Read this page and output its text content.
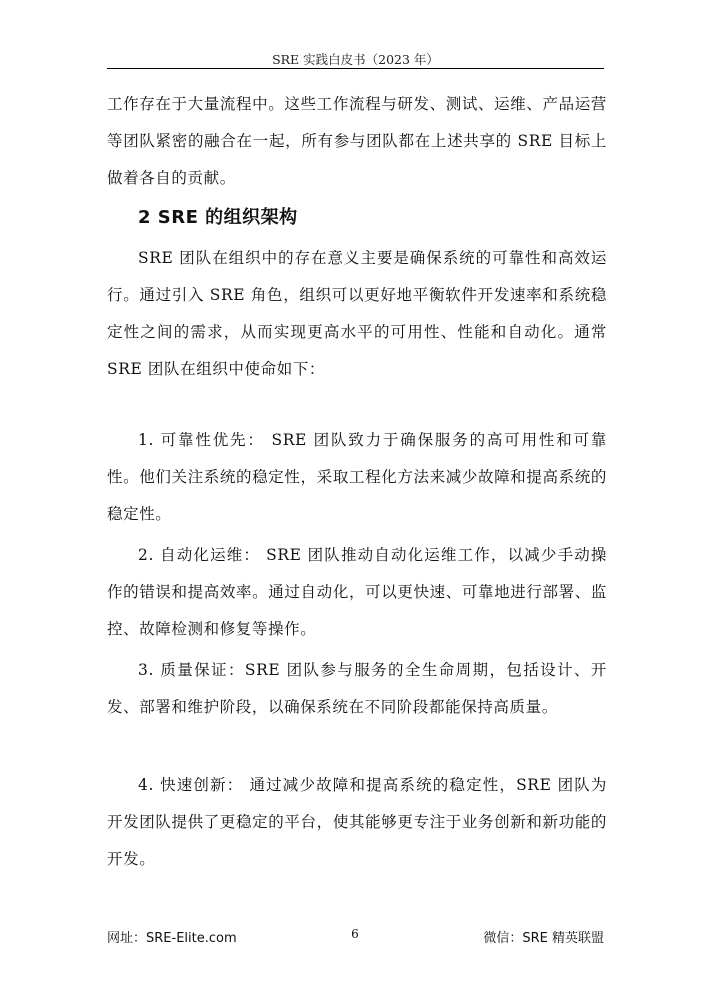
SRE 实践白皮书（2023 年）

工作存在于大量流程中。这些工作流程与研发、测试、运维、产品运营等团队紧密的融合在一起，所有参与团队都在上述共享的 SRE 目标上做着各自的贡献。

2 SRE 的组织架构

SRE 团队在组织中的存在意义主要是确保系统的可靠性和高效运行。通过引入 SRE 角色，组织可以更好地平衡软件开发速率和系统稳定性之间的需求，从而实现更高水平的可用性、性能和自动化。通常 SRE 团队在组织中使命如下：

1. 可靠性优先： SRE 团队致力于确保服务的高可用性和可靠性。他们关注系统的稳定性，采取工程化方法来减少故障和提高系统的稳定性。

2. 自动化运维： SRE 团队推动自动化运维工作，以减少手动操作的错误和提高效率。通过自动化，可以更快速、可靠地进行部署、监控、故障检测和修复等操作。

3. 质量保证：SRE 团队参与服务的全生命周期，包括设计、开发、部署和维护阶段，以确保系统在不同阶段都能保持高质量。

4. 快速创新： 通过减少故障和提高系统的稳定性，SRE 团队为开发团队提供了更稳定的平台，使其能够更专注于业务创新和新功能的开发。

网址：SRE-Elite.com	6	微信：SRE 精英联盟
